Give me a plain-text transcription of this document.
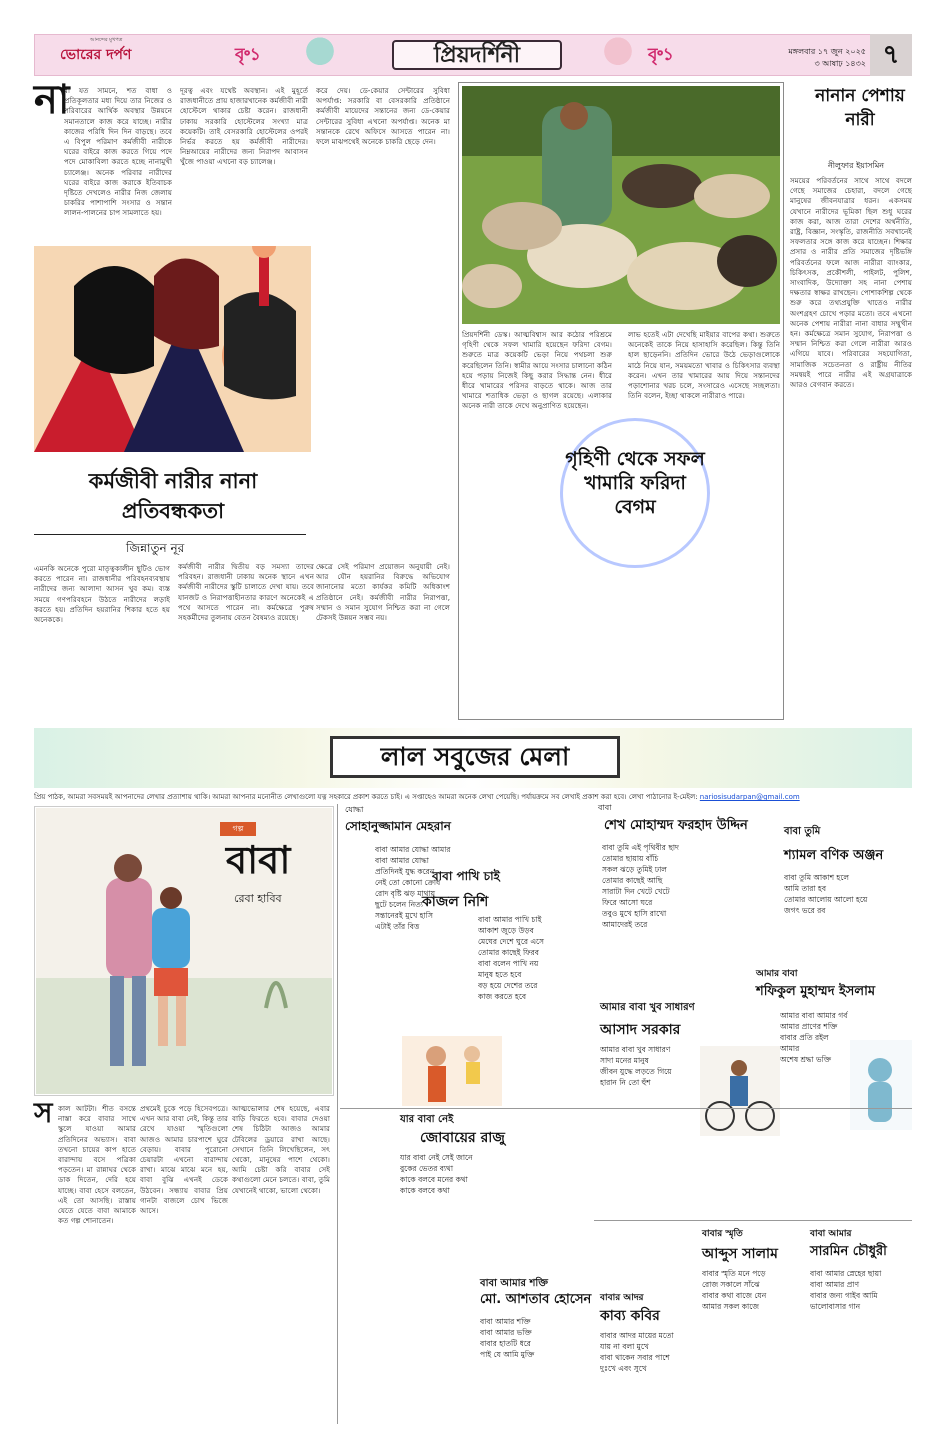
আনন্দের মুখপত্র
ভোরের দর্পণ	বৃ॰১	প্রিয়দর্শিনী	বৃ॰১	মঙ্গলবার ১৭ জুন ২০২৫
৩ আষাঢ় ১৪৩২ ৭
না
রী যত সামনে, শত বাধা ও প্রতিকূলতার মধ্য দিয়ে তার নিজের ও পরিবারের আর্থিক অবস্থার উন্নয়নে সমানতালে কাজ করে যাচ্ছে। নারীর কাজের পরিধি দিন দিন বাড়ছে। তবে এ বিপুল পরিমাণ কর্মজীবী নারীকে ঘরের বাইরে কাজ করতে গিয়ে পদে পদে মোকাবিলা করতে হচ্ছে নানামুখী চ্যালেঞ্জ। অনেক পরিবার নারীদের ঘরের বাইরে কাজ করাকে ইতিবাচক দৃষ্টিতে দেখলেও নারীর নিজ জেলায় চাকরির পাশাপাশি সংসার ও সন্তান লালন-পালনের চাপ সামলাতে হয়।
দূরত্ব এবং যথেষ্ট অবস্থান। এই মুহূর্তে রাজধানীতে প্রায় হাজারখানেক কর্মজীবী নারী হোস্টেলে থাকার চেষ্টা করেন। রাজধানী ঢাকায় সরকারি হোস্টেলের সংখ্যা মাত্র কয়েকটি। তাই বেসরকারি হোস্টেলের ওপরই নির্ভর করতে হয় কর্মজীবী নারীদের। নিম্নআয়ের নারীদের জন্য নিরাপদ আবাসন খুঁজে পাওয়া এখনো বড় চ্যালেঞ্জ।
করে দেয়। ডে-কেয়ার সেন্টারের সুবিধা অপর্যাপ্ত: সরকারি বা বেসরকারি প্রতিষ্ঠানে কর্মজীবী মায়েদের সন্তানের জন্য ডে-কেয়ার সেন্টারের সুবিধা এখনো অপর্যাপ্ত। অনেক মা সন্তানকে রেখে অফিসে আসতে পারেন না। ফলে মাঝপথেই অনেকে চাকরি ছেড়ে দেন।
কর্মজীবী নারীর নানা প্রতিবন্ধকতা
জিন্নাতুন নূর
এমনকি অনেকে পুরো মাতৃত্বকালীন ছুটিও ভোগ করতে পারেন না। রাজধানীর পরিবহনব্যবস্থায় নারীদের জন্য আলাদা আসন খুব কম। ব্যস্ত সময়ে গণপরিবহনে উঠতে নারীদের লড়াই করতে হয়। প্রতিদিন হয়রানির শিকার হতে হয় অনেককে।
কর্মজীবী নারীর দ্বিতীয় বড় সমস্যা তাদের পরিবহন। রাজধানী ঢাকায় অনেক স্থানে এখন কর্মজীবী নারীদের স্কুটি চালাতে দেখা যায়। তবে যানজট ও নিরাপত্তাহীনতার কারণে অনেকেই এ পথে আসতে পারেন না। কর্মক্ষেত্রে পুরুষ সহকর্মীদের তুলনায় বেতন বৈষম্যও রয়েছে।
ক্ষেত্রে সেই পরিমাণ প্রয়োজন অনুযায়ী নেই। আর যৌন হয়রানির বিরুদ্ধে অভিযোগ জানানোর মতো কার্যকর কমিটি অধিকাংশ প্রতিষ্ঠানে নেই। কর্মজীবী নারীর নিরাপত্তা, সম্মান ও সমান সুযোগ নিশ্চিত করা না গেলে টেকসই উন্নয়ন সম্ভব নয়।
প্রিয়দর্শিনী ডেস্ক। আত্মবিশ্বাস আর কঠোর পরিশ্রমে গৃহিণী থেকে সফল খামারি হয়েছেন ফরিদা বেগম। শুরুতে মাত্র কয়েকটি ভেড়া নিয়ে পথচলা শুরু করেছিলেন তিনি। স্বামীর আয়ে সংসার চালানো কঠিন হয়ে পড়ায় নিজেই কিছু করার সিদ্ধান্ত নেন। ধীরে ধীরে খামারের পরিসর বাড়তে থাকে। আজ তার খামারে শতাধিক ভেড়া ও ছাগল রয়েছে। এলাকার অনেক নারী তাকে দেখে অনুপ্রাণিত হয়েছেন।
লাভ হতেই এটা দেখেছি মাইয়ার বাপের কথা। শুরুতে অনেকেই তাকে নিয়ে হাসাহাসি করেছিল। কিন্তু তিনি হাল ছাড়েননি। প্রতিদিন ভোরে উঠে ভেড়াগুলোকে মাঠে নিয়ে যান, সময়মতো খাবার ও চিকিৎসার ব্যবস্থা করেন। এখন তার খামারের আয় দিয়ে সন্তানদের পড়াশোনার খরচ চলে, সংসারেও এসেছে সচ্ছলতা। তিনি বলেন, ইচ্ছা থাকলে নারীরাও পারে।
গৃহিণী থেকে সফল খামারি ফরিদা বেগম
নানান পেশায় নারী
নীলুফার ইয়াসমিন
সময়ের পরিবর্তনের সাথে সাথে বদলে গেছে সমাজের চেহারা, বদলে গেছে মানুষের জীবনযাত্রার ধরন। একসময় যেখানে নারীদের ভূমিকা ছিল শুধু ঘরের কাজ করা, আজ তারা দেশের অর্থনীতি, রাষ্ট্র, বিজ্ঞান, সংস্কৃতি, রাজনীতি সবখানেই সফলতার সঙ্গে কাজ করে যাচ্ছেন। শিক্ষার প্রসার ও নারীর প্রতি সমাজের দৃষ্টিভঙ্গি পরিবর্তনের ফলে আজ নারীরা ব্যাংকার, চিকিৎসক, প্রকৌশলী, পাইলট, পুলিশ, সাংবাদিক, উদ্যোক্তা সহ নানা পেশায় দক্ষতার স্বাক্ষর রাখছেন। পোশাকশিল্প থেকে শুরু করে তথ্যপ্রযুক্তি খাতেও নারীর অংশগ্রহণ চোখে পড়ার মতো। তবে এখনো অনেক পেশায় নারীরা নানা বাধার সম্মুখীন হন। কর্মক্ষেত্রে সমান সুযোগ, নিরাপত্তা ও সম্মান নিশ্চিত করা গেলে নারীরা আরও এগিয়ে যাবে। পরিবারের সহযোগিতা, সামাজিক সচেতনতা ও রাষ্ট্রীয় নীতির সমন্বয়ই পারে নারীর এই অগ্রযাত্রাকে আরও বেগবান করতে।
লাল সবুজের মেলা
প্রিয় পাঠক, আমরা সবসময়ই আপনাদের লেখার প্রত্যাশায় থাকি। আমরা আপনার মনোনীত লেখাগুলো যত্ন সহকারে প্রকাশ করতে চাই। এ সপ্তাহেও আমরা অনেক লেখা পেয়েছি। পর্যায়ক্রমে সব লেখাই প্রকাশ করা হবে। লেখা পাঠানোর ই-মেইল: nariosisudarpan@gmail.com
গল্প
বাবা
রেবা হাবিব
স কাল আটটা। শীত বসন্তে নাস্তা করে বাবার সাথে স্কুলে যাওয়া আমার প্রতিদিনের অভ্যাস। বাবা তখনো চায়ের কাপ হাতে বারান্দায় বসে পত্রিকা পড়তেন। মা রান্নাঘর থেকে ডাক দিতেন, দেরি হয়ে যাচ্ছে। বাবা হেসে বলতেন, এই তো আসছি। রাস্তায় যেতে যেতে বাবা আমাকে কত গল্প শোনাতেন।
প্রথমেই চুকে পড়ে হিসেবপত্রে। এখন আর বাবা নেই, কিন্তু তার রেখে যাওয়া স্মৃতিগুলো আজও আমার চারপাশে ঘুরে বেড়ায়। বাবার পুরোনো চেয়ারটা এখনো বারান্দায় রাখা। মাঝে মাঝে মনে হয়, বাবা বুঝি এখনই ডেকে উঠবেন। সন্ধ্যায় বাবার প্রিয় গানটা বাজলে চোখ ভিজে আসে।
আত্মভোলার শেষ হয়েছে, এবার বাড়ি ফিরতে হবে। বাবার দেওয়া শেষ চিঠিটা আজও আমার টেবিলের ড্রয়ারে রাখা আছে। সেখানে তিনি লিখেছিলেন, সৎ থেকো, মানুষের পাশে থেকো। আমি চেষ্টা করি বাবার সেই কথাগুলো মেনে চলতে। বাবা, তুমি যেখানেই থাকো, ভালো থেকো।
যোদ্ধা
সোহানুজ্জামান মেহরান
বাবা আমার যোদ্ধা আমার
বাবা আমার যোদ্ধা
প্রতিদিনই যুদ্ধ করেন
নেই তো কোনো ক্রোধ
রোদ বৃষ্টি ঝড় মাথায়
ছুটে চলেন নিত্য
সন্তানেরই মুখে হাসি
এটাই তাঁর বিত্ত
বাবা পাখি চাই
কাজল নিশি
বাবা আমার পাখি চাই
আকাশ জুড়ে উড়ব
মেঘের দেশে ঘুরে এসে
তোমার কাছেই ফিরব
বাবা বলেন পাখি নয়
মানুষ হতে হবে
বড় হয়ে দেশের তরে
কাজ করতে হবে
যার বাবা নেই
জোবায়ের রাজু
যার বাবা নেই সেই জানে
বুকের ভেতর ব্যথা
কাকে বলবে মনের কথা
কাকে বলবে কথা
বাবা
শেখ মোহাম্মদ ফরহাদ উদ্দিন
বাবা তুমি এই পৃথিবীর ছাদ
তোমার ছায়ায় বাঁচি
সকল ঝড়ে তুমিই ঢাল
তোমার কাছেই আছি
সারাটা দিন খেটে খেটে
ফিরে আসো ঘরে
তবুও মুখে হাসি রাখো
আমাদেরই তরে
আমার বাবা খুব সাধারণ
আসাদ সরকার
আমার বাবা খুব সাধারণ
সাদা মনের মানুষ
জীবন যুদ্ধে লড়তে গিয়ে
হারান নি তো হুঁশ
বাবা আমার শক্তি
মো. আশতাব হোসেন
বাবা আমার শক্তি
বাবা আমার ভক্তি
বাবার হাতটি ধরে
পাই যে আমি মুক্তি
বাবার আদর
কাব্য কবির
বাবার আদর মায়ের মতো
যায় না বলা মুখে
বাবা থাকেন সবার পাশে
দুঃখে এবং সুখে
বাবার স্মৃতি
আব্দুস সালাম
বাবার স্মৃতি মনে পড়ে
রোজ সকালে সাঁঝে
বাবার কথা বাজে যেন
আমার সকল কাজে
বাবা তুমি
শ্যামল বণিক অঞ্জন
বাবা তুমি আকাশ হলে
আমি তারা হব
তোমার আলোয় আলো হয়ে
জগৎ ভরে রব
আমার বাবা
শফিকুল মুহাম্মদ ইসলাম
আমার বাবা আমার গর্ব
আমার প্রাণের শক্তি
বাবার প্রতি রইল আমার
অশেষ শ্রদ্ধা ভক্তি
বাবা আমার
সারমিন চৌধুরী
বাবা আমার স্নেহের ছায়া
বাবা আমার প্রাণ
বাবার জন্য গাইব আমি
ভালোবাসার গান
